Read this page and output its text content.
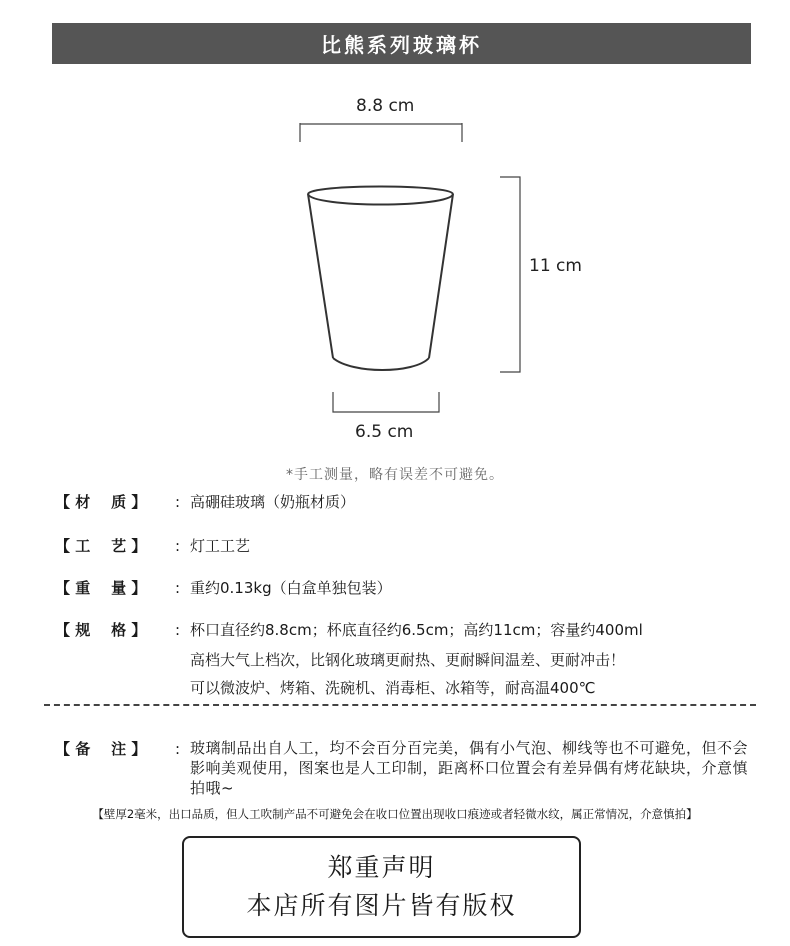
比熊系列玻璃杯
8.8 cm
11 cm
6.5 cm
*手工测量，略有误差不可避免。
【 材    质 】	: 高硼硅玻璃（奶瓶材质）
【 工    艺 】	: 灯工工艺
【 重    量 】	: 重约0.13kg（白盒单独包装）
【 规    格 】	: 杯口直径约8.8cm；杯底直径约6.5cm；高约11cm；容量约400ml
高档大气上档次，比钢化玻璃更耐热、更耐瞬间温差、更耐冲击！
可以微波炉、烤箱、洗碗机、消毒柜、冰箱等，耐高温400℃
【 备    注 】	: 玻璃制品出自人工，均不会百分百完美，偶有小气泡、柳线等也不可避免，但不会影响美观使用，图案也是人工印制，距离杯口位置会有差异偶有烤花缺块，介意慎拍哦~
【壁厚2毫米，出口品质，但人工吹制产品不可避免会在收口位置出现收口痕迹或者轻微水纹，属正常情况，介意慎拍】
郑重声明
本店所有图片皆有版权
